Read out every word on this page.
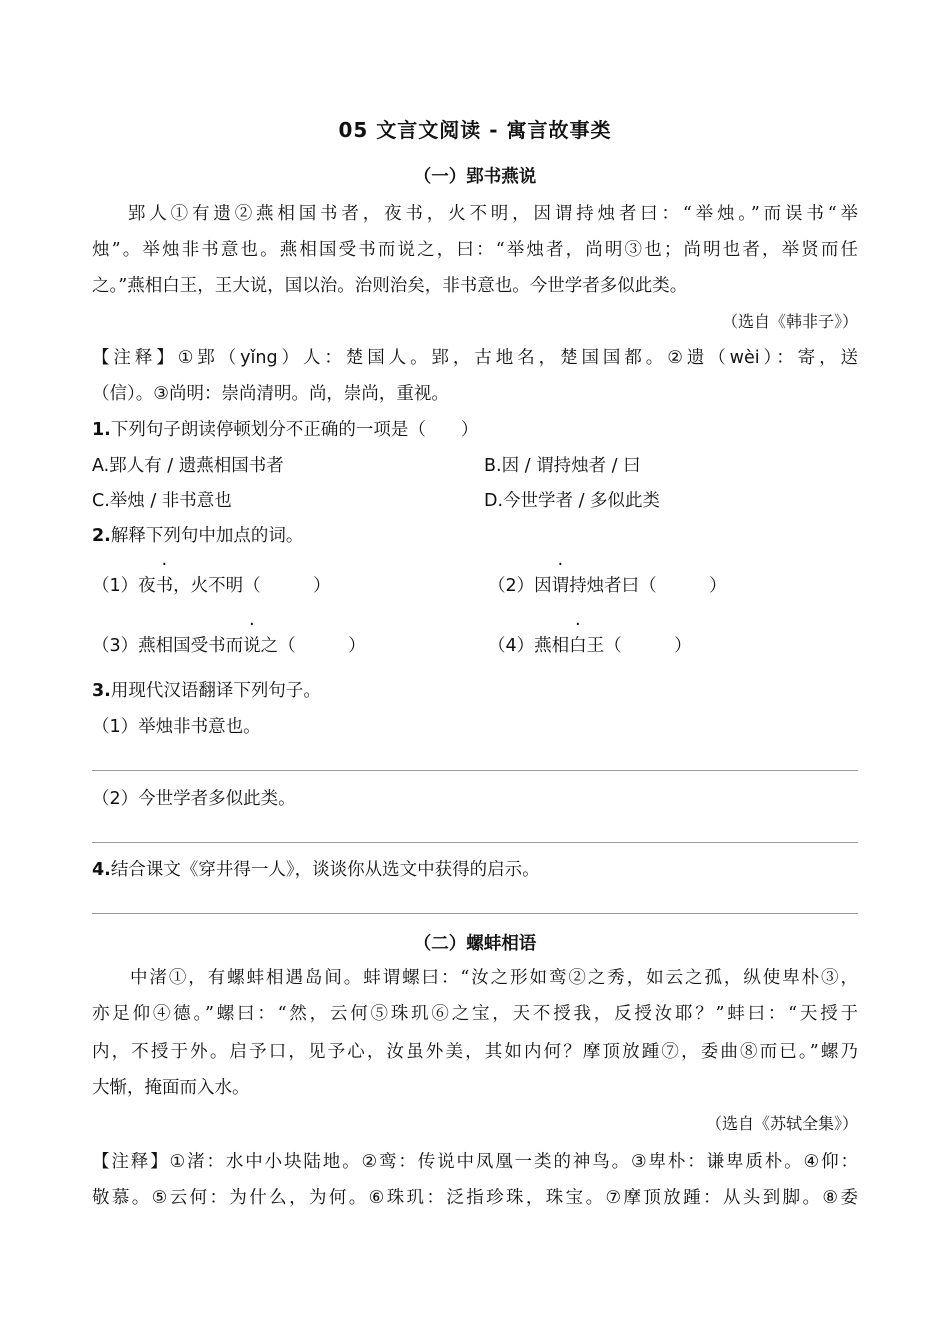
05 文言文阅读 - 寓言故事类
（一）郢书燕说
郢人①有遗②燕相国书者，夜书，火不明，因谓持烛者曰：“举烛。”而误书“举
烛”。举烛非书意也。燕相国受书而说之，曰：“举烛者，尚明③也；尚明也者，举贤而任
之。”燕相白王，王大说，国以治。治则治矣，非书意也。今世学者多似此类。
（选自《韩非子》）
【注释】①郢（yǐng）人：楚国人。郢，古地名，楚国国都。②遗（wèi）：寄，送
（信）。③尚明：崇尚清明。尚，崇尚，重视。
1.下列句子朗读停顿划分不正确的一项是（　　）
A.郢人有 / 遗燕相国书者	B.因 / 谓持烛者 / 曰
C.举烛 / 非书意也	D.今世学者 / 多似此类
2.解释下列句中加点的词。
（1）夜书，火不明（　　　）	（2）因谓持烛者曰（　　　）
（3）燕相国受书而说之（　　　）	（4）燕相白王（　　　）
3.用现代汉语翻译下列句子。
（1）举烛非书意也。
（2）今世学者多似此类。
4.结合课文《穿井得一人》，谈谈你从选文中获得的启示。
（二）螺蚌相语
中渚①，有螺蚌相遇岛间。蚌谓螺曰：“汝之形如鸾②之秀，如云之孤，纵使卑朴③，
亦足仰④德。”螺曰：“然，云何⑤珠玑⑥之宝，天不授我，反授汝耶？”蚌曰：“天授于
内，不授于外。启予口，见予心，汝虽外美，其如内何？摩顶放踵⑦，委曲⑧而已。”螺乃
大惭，掩面而入水。
（选自《苏轼全集》）
【注释】①渚：水中小块陆地。②鸾：传说中凤凰一类的神鸟。③卑朴：谦卑质朴。④仰：
敬慕。⑤云何：为什么，为何。⑥珠玑：泛指珍珠，珠宝。⑦摩顶放踵：从头到脚。⑧委
